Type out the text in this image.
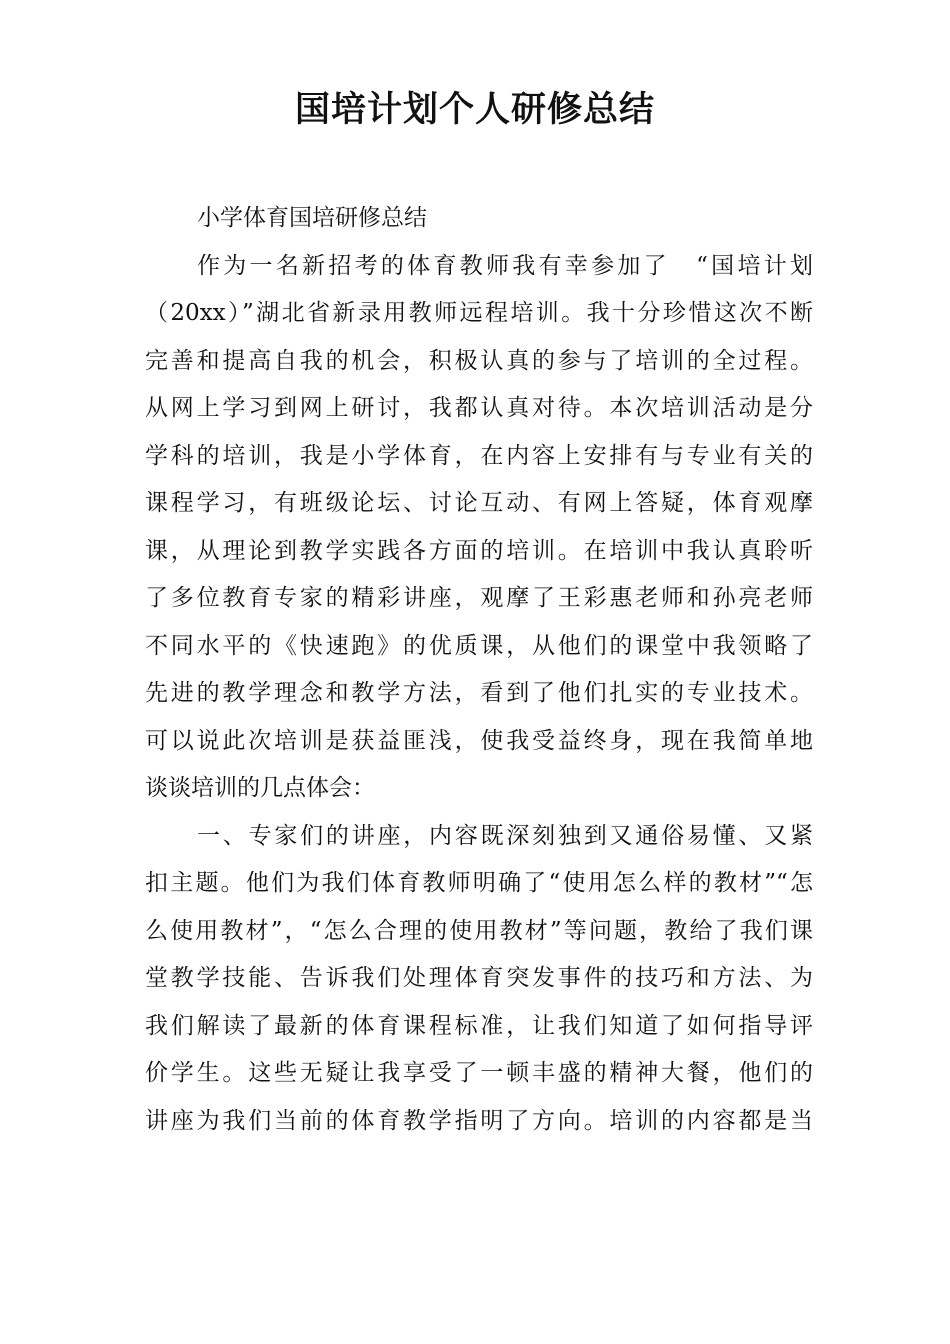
国培计划个人研修总结
小学体育国培研修总结
作为一名新招考的体育教师我有幸参加了　“国培计划
（20xx）”湖北省新录用教师远程培训。我十分珍惜这次不断
完善和提高自我的机会，积极认真的参与了培训的全过程。
从网上学习到网上研讨，我都认真对待。本次培训活动是分
学科的培训，我是小学体育，在内容上安排有与专业有关的
课程学习，有班级论坛、讨论互动、有网上答疑，体育观摩
课，从理论到教学实践各方面的培训。在培训中我认真聆听
了多位教育专家的精彩讲座，观摩了王彩惠老师和孙亮老师
不同水平的《快速跑》的优质课，从他们的课堂中我领略了
先进的教学理念和教学方法，看到了他们扎实的专业技术。
可以说此次培训是获益匪浅，使我受益终身，现在我简单地
谈谈培训的几点体会：
一、专家们的讲座，内容既深刻独到又通俗易懂、又紧
扣主题。他们为我们体育教师明确了“使用怎么样的教材”“怎
么使用教材”，“怎么合理的使用教材”等问题，教给了我们课
堂教学技能、告诉我们处理体育突发事件的技巧和方法、为
我们解读了最新的体育课程标准，让我们知道了如何指导评
价学生。这些无疑让我享受了一顿丰盛的精神大餐，他们的
讲座为我们当前的体育教学指明了方向。培训的内容都是当
